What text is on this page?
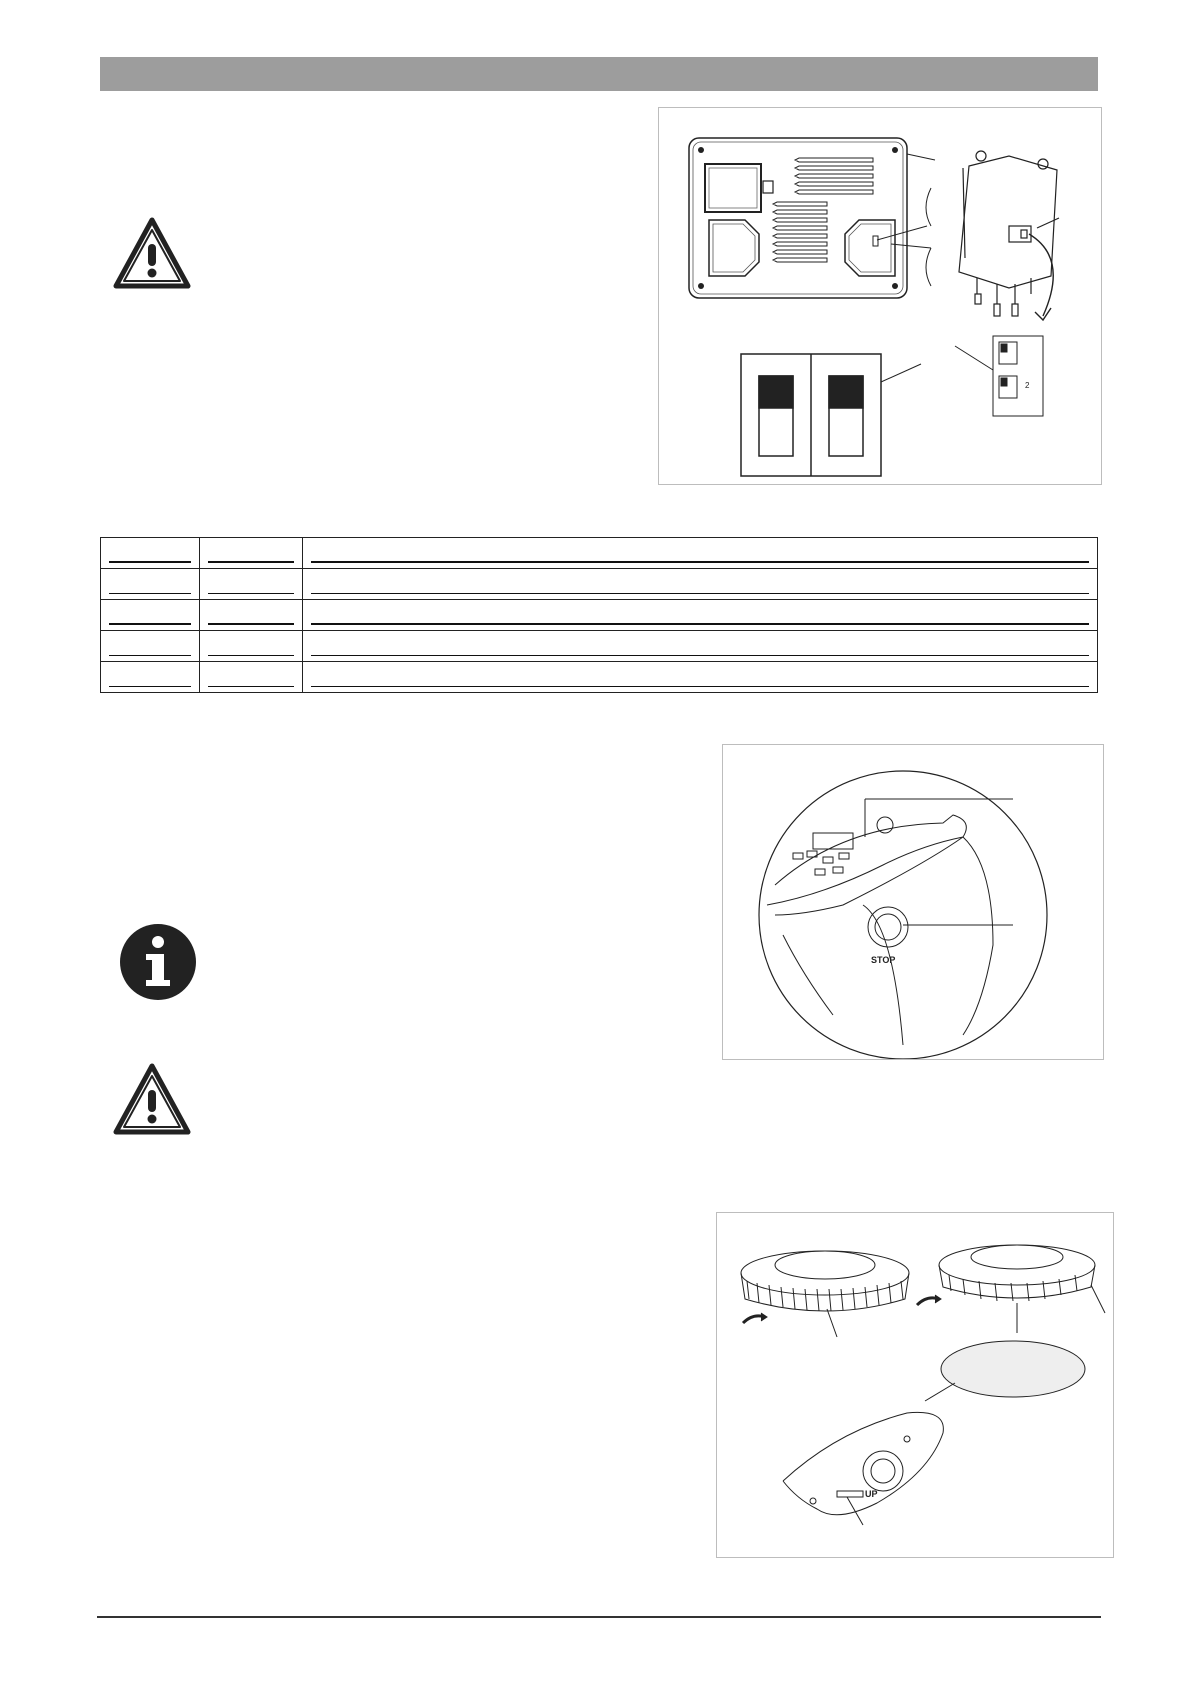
2

STOP
UP
